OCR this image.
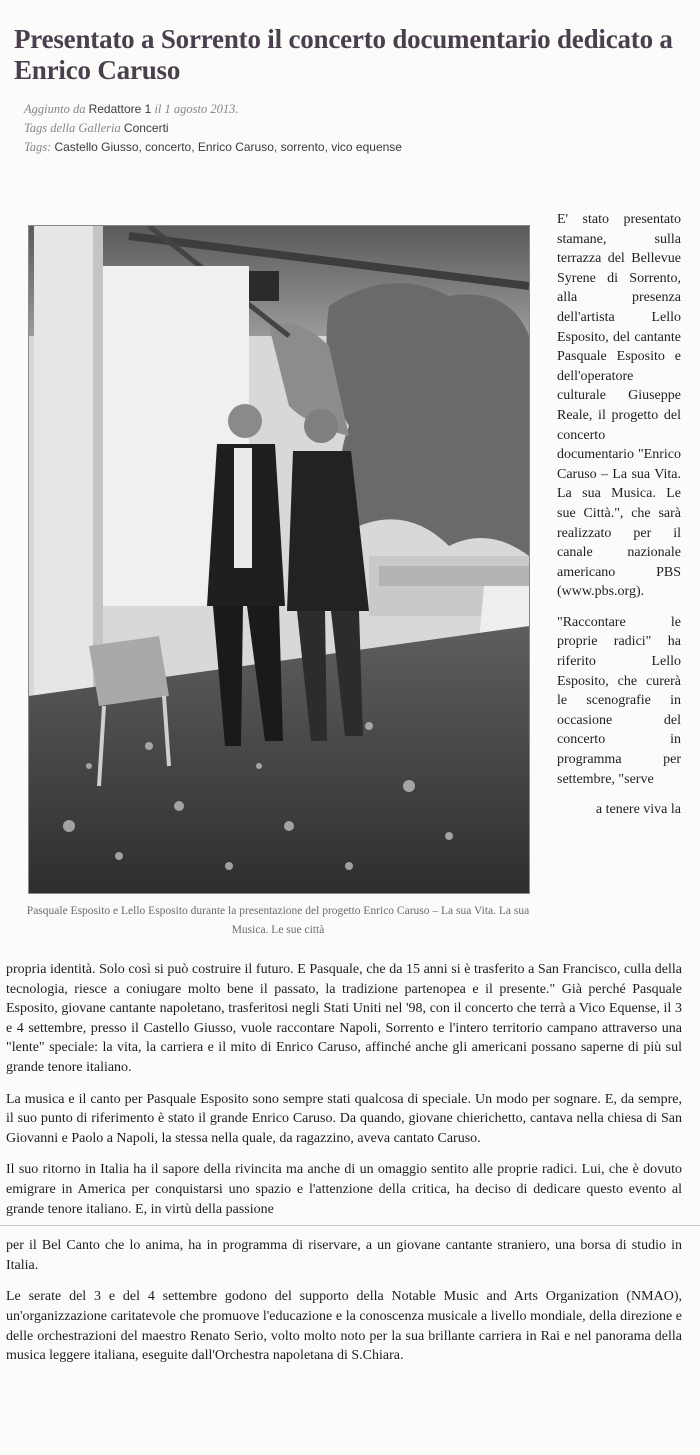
Presentato a Sorrento il concerto documentario dedicato a Enrico Caruso
Aggiunto da Redattore 1 il 1 agosto 2013.
Tags della Galleria Concerti
Tags: Castello Giusso, concerto, Enrico Caruso, sorrento, vico equense
Pasquale Esposito e Lello Esposito durante la presentazione del progetto Enrico Caruso – La sua Vita. La sua Musica. Le sue città

E' stato presentato stamane, sulla terrazza del Bellevue Syrene di Sorrento, alla presenza dell'artista Lello Esposito, del cantante Pasquale Esposito e dell'operatore culturale Giuseppe Reale, il progetto del concerto documentario "Enrico Caruso – La sua Vita. La sua Musica. Le sue Città.", che sarà realizzato per il canale nazionale americano PBS (www.pbs.org).

"Raccontare le proprie radici" ha riferito Lello Esposito, che curerà le scenografie in occasione del concerto in programma per settembre, "serve

a tenere viva la

propria identità. Solo così si può costruire il futuro. E Pasquale, che da 15 anni si è trasferito a San Francisco, culla della tecnologia, riesce a coniugare molto bene il passato, la tradizione partenopea e il presente." Già perché Pasquale Esposito, giovane cantante napoletano, trasferitosi negli Stati Uniti nel '98, con il concerto che terrà a Vico Equense, il 3 e 4 settembre, presso il Castello Giusso, vuole raccontare Napoli, Sorrento e l'intero territorio campano attraverso una "lente" speciale: la vita, la carriera e il mito di Enrico Caruso, affinché anche gli americani possano saperne di più sul grande tenore italiano.

La musica e il canto per Pasquale Esposito sono sempre stati qualcosa di speciale. Un modo per sognare. E, da sempre, il suo punto di riferimento è stato il grande Enrico Caruso. Da quando, giovane chierichetto, cantava nella chiesa di San Giovanni e Paolo a Napoli, la stessa nella quale, da ragazzino, aveva cantato Caruso.

Il suo ritorno in Italia ha il sapore della rivincita ma anche di un omaggio sentito alle proprie radici. Lui, che è dovuto emigrare in America per conquistarsi uno spazio e l'attenzione della critica, ha deciso di dedicare questo evento al grande tenore italiano. E, in virtù della passione

per il Bel Canto che lo anima, ha in programma di riservare, a un giovane cantante straniero, una borsa di studio in Italia.

Le serate del 3 e del 4 settembre godono del supporto della Notable Music and Arts Organization (NMAO), un'organizzazione caritatevole che promuove l'educazione e la conoscenza musicale a livello mondiale, della direzione e delle orchestrazioni del maestro Renato Serio, volto molto noto per la sua brillante carriera in Rai e nel panorama della musica leggere italiana, eseguite dall'Orchestra napoletana di S.Chiara.
